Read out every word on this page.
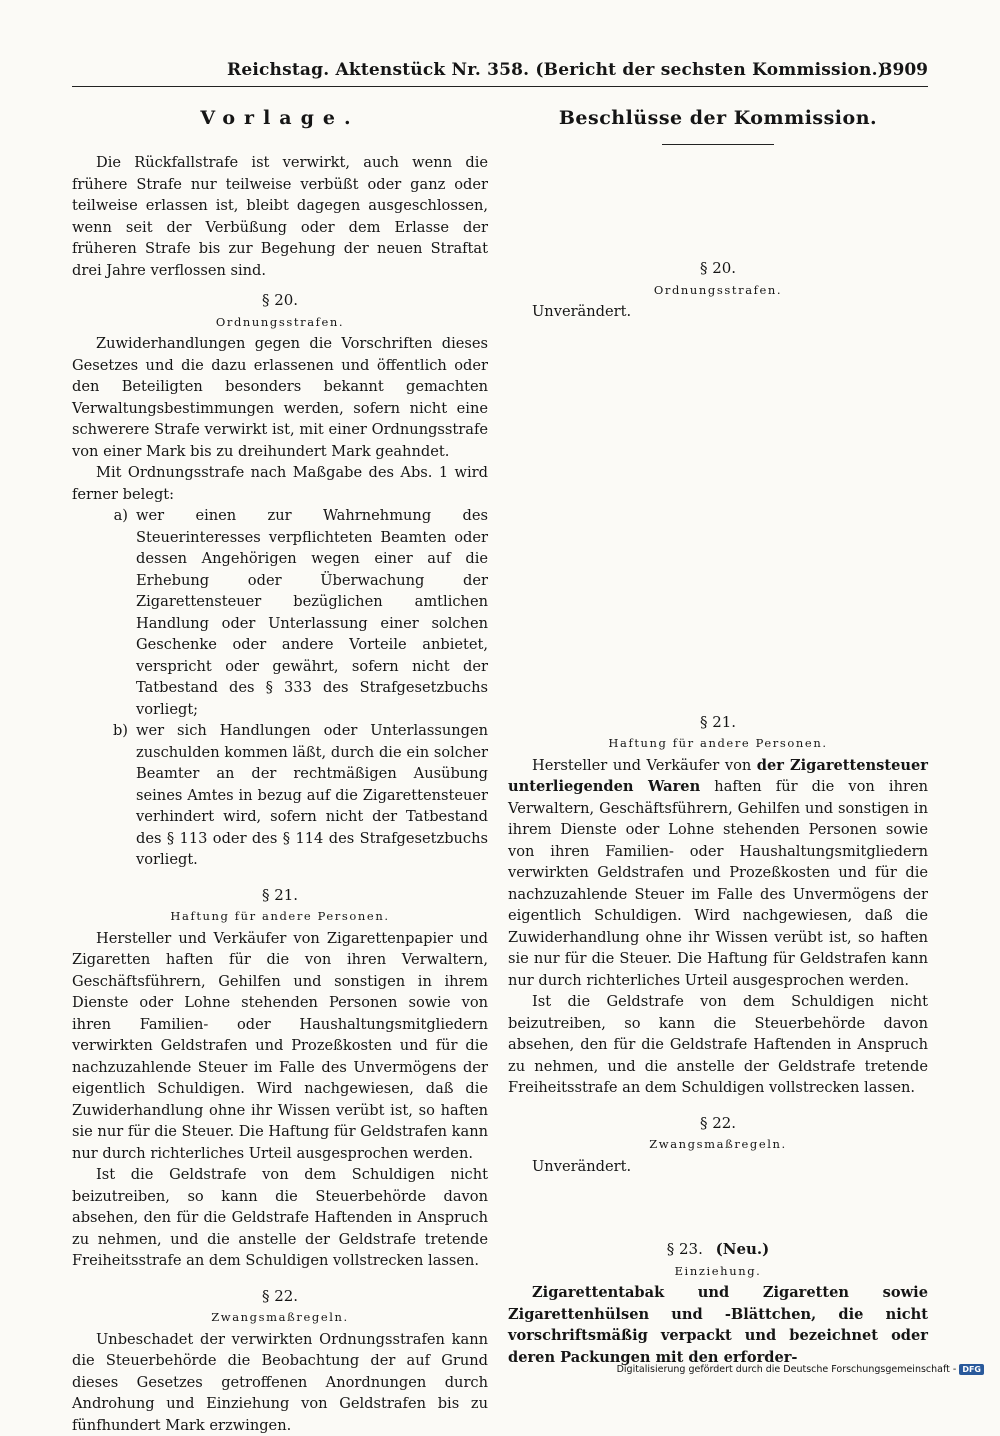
Reichstag. Aktenstück Nr. 358. (Bericht der sechsten Kommission.)
3909
Vorlage.

Die Rückfallstrafe ist verwirkt, auch wenn die frühere Strafe nur teilweise verbüßt oder ganz oder teilweise erlassen ist, bleibt dagegen ausgeschlossen, wenn seit der Verbüßung oder dem Erlasse der früheren Strafe bis zur Begehung der neuen Straftat drei Jahre verflossen sind.

§ 20.
Ordnungsstrafen.

Zuwiderhandlungen gegen die Vorschriften dieses Gesetzes und die dazu erlassenen und öffentlich oder den Beteiligten besonders bekannt gemachten Verwaltungsbestimmungen werden, sofern nicht eine schwerere Strafe verwirkt ist, mit einer Ordnungsstrafe von einer Mark bis zu dreihundert Mark geahndet.

Mit Ordnungsstrafe nach Maßgabe des Abs. 1 wird ferner belegt:

a) wer einen zur Wahrnehmung des Steuerinteresses verpflichteten Beamten oder dessen Angehörigen wegen einer auf die Erhebung oder Überwachung der Zigarettensteuer bezüglichen amtlichen Handlung oder Unterlassung einer solchen Geschenke oder andere Vorteile anbietet, verspricht oder gewährt, sofern nicht der Tatbestand des § 333 des Strafgesetzbuchs vorliegt;

b) wer sich Handlungen oder Unterlassungen zuschulden kommen läßt, durch die ein solcher Beamter an der rechtmäßigen Ausübung seines Amtes in bezug auf die Zigarettensteuer verhindert wird, sofern nicht der Tatbestand des § 113 oder des § 114 des Strafgesetzbuchs vorliegt.

§ 21.
Haftung für andere Personen.

Hersteller und Verkäufer von Zigarettenpapier und Zigaretten haften für die von ihren Verwaltern, Geschäftsführern, Gehilfen und sonstigen in ihrem Dienste oder Lohne stehenden Personen sowie von ihren Familien- oder Haushaltungsmitgliedern verwirkten Geldstrafen und Prozeßkosten und für die nachzuzahlende Steuer im Falle des Unvermögens der eigentlich Schuldigen. Wird nachgewiesen, daß die Zuwiderhandlung ohne ihr Wissen verübt ist, so haften sie nur für die Steuer. Die Haftung für Geldstrafen kann nur durch richterliches Urteil ausgesprochen werden.

Ist die Geldstrafe von dem Schuldigen nicht beizutreiben, so kann die Steuerbehörde davon absehen, den für die Geldstrafe Haftenden in Anspruch zu nehmen, und die anstelle der Geldstrafe tretende Freiheitsstrafe an dem Schuldigen vollstrecken lassen.

§ 22.
Zwangsmaßregeln.

Unbeschadet der verwirkten Ordnungsstrafen kann die Steuerbehörde die Beobachtung der auf Grund dieses Gesetzes getroffenen Anordnungen durch Androhung und Einziehung von Geldstrafen bis zu fünfhundert Mark erzwingen.

Beschlüsse der Kommission.
§ 20.
Ordnungsstrafen.

Unverändert.

§ 21.
Haftung für andere Personen.

Hersteller und Verkäufer von der Zigarettensteuer unterliegenden Waren haften für die von ihren Verwaltern, Geschäftsführern, Gehilfen und sonstigen in ihrem Dienste oder Lohne stehenden Personen sowie von ihren Familien- oder Haushaltungsmitgliedern verwirkten Geldstrafen und Prozeßkosten und für die nachzuzahlende Steuer im Falle des Unvermögens der eigentlich Schuldigen. Wird nachgewiesen, daß die Zuwiderhandlung ohne ihr Wissen verübt ist, so haften sie nur für die Steuer. Die Haftung für Geldstrafen kann nur durch richterliches Urteil ausgesprochen werden.

Ist die Geldstrafe von dem Schuldigen nicht beizutreiben, so kann die Steuerbehörde davon absehen, den für die Geldstrafe Haftenden in Anspruch zu nehmen, und die anstelle der Geldstrafe tretende Freiheitsstrafe an dem Schuldigen vollstrecken lassen.

§ 22.
Zwangsmaßregeln.

Unverändert.

§ 23. (Neu.)
Einziehung.

Zigarettentabak und Zigaretten sowie Zigarettenhülsen und -Blättchen, die nicht vorschriftsmäßig verpackt und bezeichnet oder deren Packungen mit den erforder-

Digitalisierung gefördert durch die Deutsche Forschungsgemeinschaft - DFG
